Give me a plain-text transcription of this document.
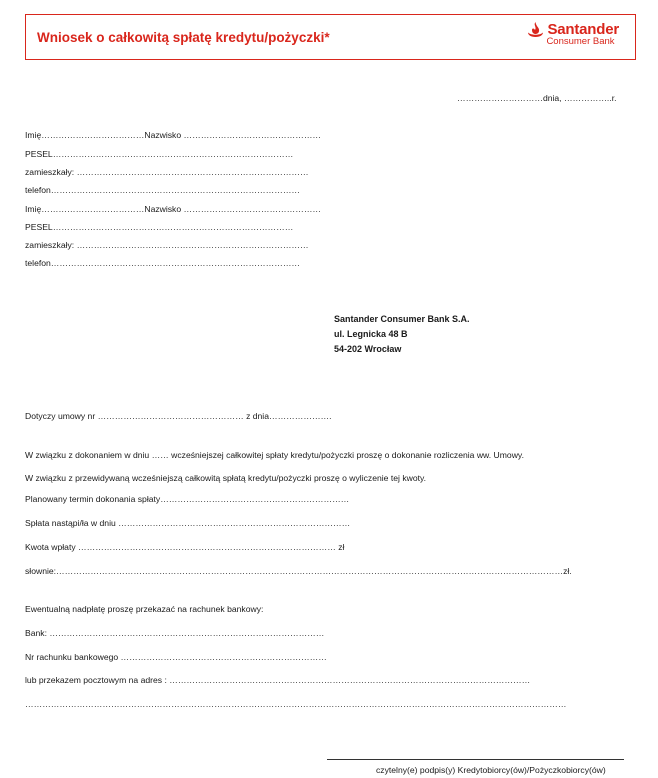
Wniosek o całkowitą spłatę kredytu/pożyczki*	Santander
Consumer Bank
…………………………dnia, ……………..r.
Imię………………………………Nazwisko …………………………………………
PESEL…………………………………………………………………………
zamieszkały: ………………………………………………………………………
telefon……………………………………………………………………………
Imię………………………………Nazwisko …………………………………………
PESEL…………………………………………………………………………
zamieszkały: ………………………………………………………………………
telefon……………………………………………………………………………
Santander Consumer Bank S.A.
ul. Legnicka 48 B
54-202 Wrocław
Dotyczy umowy nr …………………………………………… z dnia………………….
W związku z dokonaniem w dniu …… wcześniejszej całkowitej spłaty kredytu/pożyczki proszę o dokonanie rozliczenia ww. Umowy.
W związku z przewidywaną wcześniejszą całkowitą spłatą kredytu/pożyczki proszę o wyliczenie tej kwoty.
Planowany termin dokonania spłaty…………………………………………………………
Spłata nastąpi/ła w dniu ………………………………………………………………………
Kwota wpłaty ……………………………………………………………………………… zł
słownie:……………………………………………………………………………………………………………………………………………………………zł.
Ewentualną nadpłatę proszę przekazać na rachunek bankowy:
Bank: ……………………………………………………………………………………
Nr rachunku bankowego ………………………………………………………………
lub przekazem pocztowym na adres : ………………………………………………………………………………………………………………
………………………………………………………………………………………………………………………………………………………………………
czytelny(e) podpis(y) Kredytobiorcy(ów)/Pożyczkobiorcy(ów)
